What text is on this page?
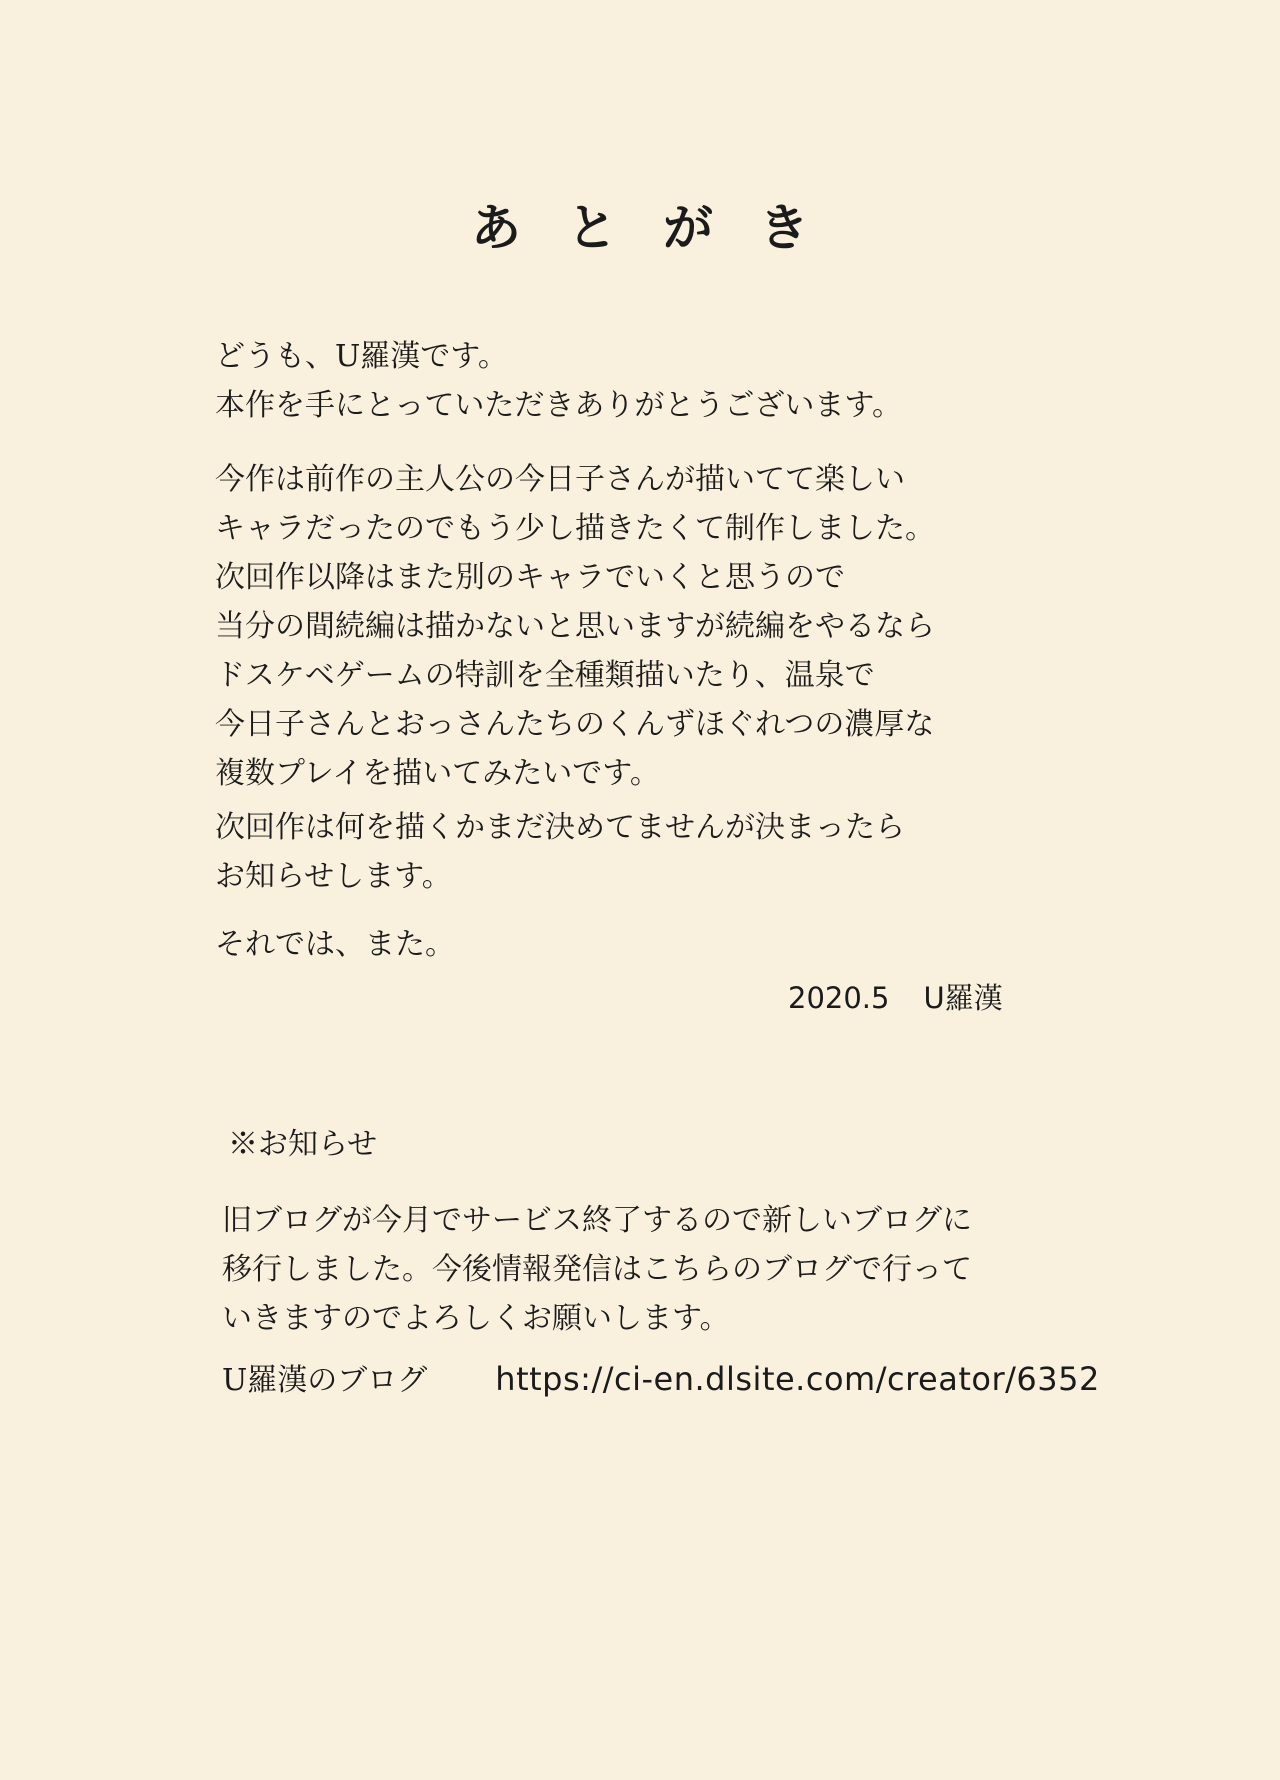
あとがき
どうも、U羅漢です。
本作を手にとっていただきありがとうございます。
今作は前作の主人公の今日子さんが描いてて楽しい
キャラだったのでもう少し描きたくて制作しました。
次回作以降はまた別のキャラでいくと思うので
当分の間続編は描かないと思いますが続編をやるなら
ドスケベゲームの特訓を全種類描いたり、温泉で
今日子さんとおっさんたちのくんずほぐれつの濃厚な
複数プレイを描いてみたいです。
次回作は何を描くかまだ決めてませんが決まったら
お知らせします。
それでは、また。
2020.5 U羅漢
※お知らせ
旧ブログが今月でサービス終了するので新しいブログに
移行しました。今後情報発信はこちらのブログで行って
いきますのでよろしくお願いします。
U羅漢のブログ https://ci-en.dlsite.com/creator/6352
